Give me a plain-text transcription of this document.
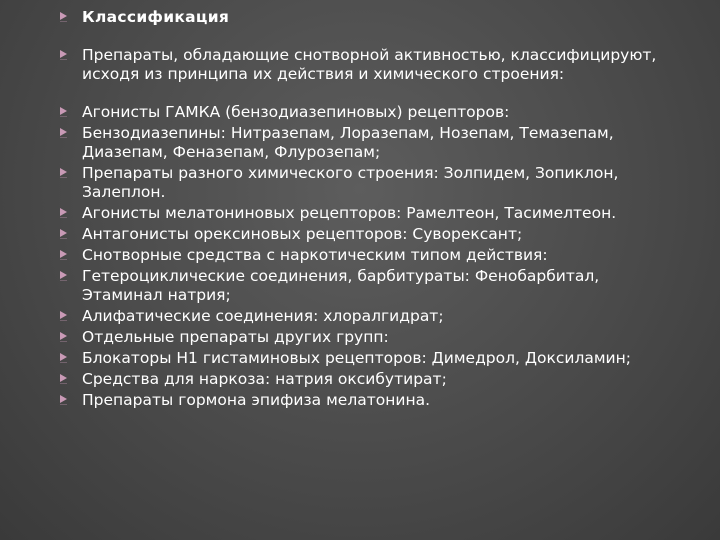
Классификация
Препараты, обладающие снотворной активностью, классифицируют, исходя из принципа их действия и химического строения:
Агонисты ГАМКА (бензодиазепиновых) рецепторов:
Бензодиазепины: Нитразепам, Лоразепам, Нозепам, Темазепам, Диазепам, Феназепам, Флурозепам;
Препараты разного химического строения: Золпидем, Зопиклон, Залеплон.
Агонисты мелатониновых рецепторов: Рамелтеон, Тасимелтеон.
Антагонисты орексиновых рецепторов: Суворексант;
Снотворные средства с наркотическим типом действия:
Гетероциклические соединения, барбитураты: Фенобарбитал, Этаминал натрия;
Алифатические соединения: хлоралгидрат;
Отдельные препараты других групп:
Блокаторы Н1 гистаминовых рецепторов: Димедрол, Доксиламин;
Средства для наркоза: натрия оксибутират;
Препараты гормона эпифиза мелатонина.
